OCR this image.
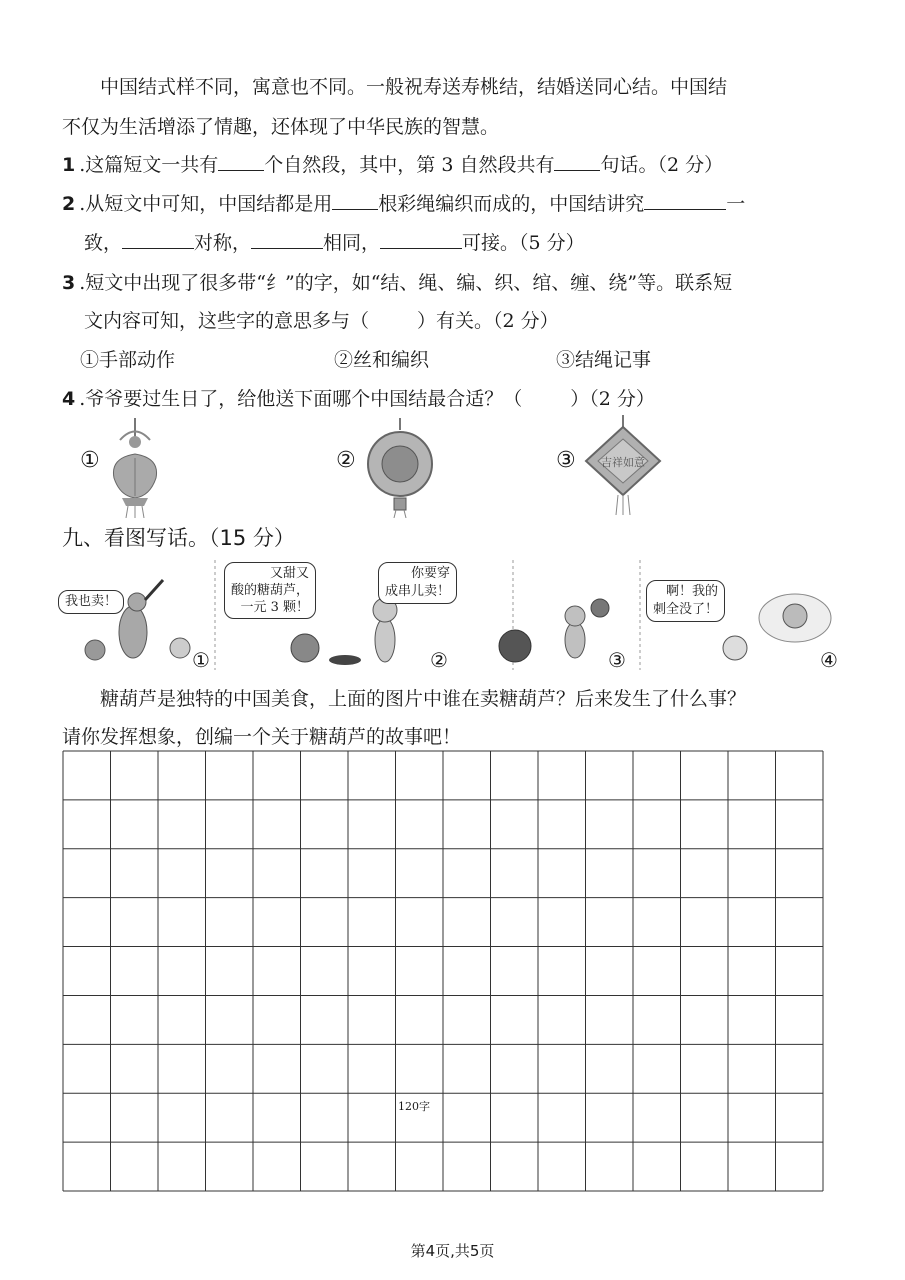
中国结式样不同，寓意也不同。一般祝寿送寿桃结，结婚送同心结。中国结
不仅为生活增添了情趣，还体现了中华民族的智慧。
1 .这篇短文一共有 个自然段，其中，第 3 自然段共有 句话。（2 分）
2 .从短文中可知，中国结都是用 根彩绳编织而成的，中国结讲究	一
致，	对称，	相同，	可接。（5 分）
3 .短文中出现了很多带“纟”的字，如“结、绳、编、织、绾、缠、绕”等。联系短
文内容可知，这些字的意思多与（	）有关。（2 分）
①手部动作	②丝和编织	③结绳记事
4 .爷爷要过生日了，给他送下面哪个中国结最合适？（	）（2 分）
①	②	③ 吉祥如意
九、看图写话。（15 分）
我也卖！
又甜又
酸的糖葫芦，
一元 3 颗！
你要穿
成串儿卖！	啊！我的
刺全没了！
①	②	③	④
糖葫芦是独特的中国美食，上面的图片中谁在卖糖葫芦？后来发生了什么事？
请你发挥想象，创编一个关于糖葫芦的故事吧！
120字
第4页,共5页
